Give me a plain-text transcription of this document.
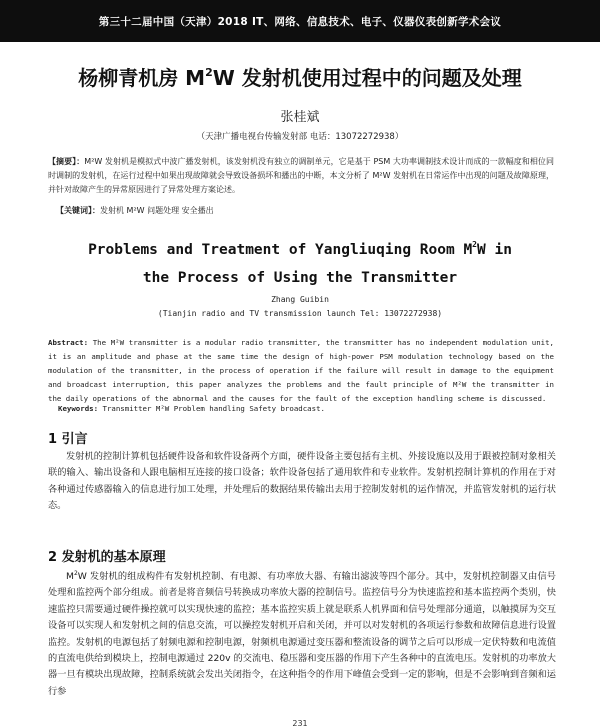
第三十二届中国（天津）2018 IT、网络、信息技术、电子、仪器仪表创新学术会议
杨柳青机房 $M^2W$ 发射机使用过程中的问题及处理
张桂斌
（天津广播电视台传输发射部 电话：13072272938）
【摘要】：M²W 发射机是模拟式中波广播发射机，该发射机没有独立的调制单元，它是基于 PSM 大功率调制技术设计而成的一款幅度和相位同时调制的发射机，在运行过程中如果出现故障就会导致设备损坏和播出的中断，本文分析了 M²W 发射机在日常运作中出现的问题及故障原理，并针对故障产生的异常原因进行了异常处理方案论述。
【关键词】：发射机 M²W 问题处理 安全播出
Problems and Treatment of Yangliuqing Room $M^2W$ in
the Process of Using the Transmitter
Zhang Guibin
(Tianjin radio and TV transmission launch Tel: 13072272938)
Abstract: The M²W transmitter is a modular radio transmitter, the transmitter has no independent modulation unit, it is an amplitude and phase at the same time the design of high-power PSM modulation technology based on the modulation of the transmitter, in the process of operation if the failure will result in damage to the equipment and broadcast interruption, this paper analyzes the problems and the fault principle of M²W the transmitter in the daily operations of the abnormal and the causes for the fault of the exception handling scheme is discussed.
Keywords: Transmitter M²W Problem handling Safety broadcast.
1 引言
发射机的控制计算机包括硬件设备和软件设备两个方面，硬件设备主要包括有主机、外接设施以及用于跟被控制对象相关联的输入、输出设备和人跟电脑相互连接的接口设备；软件设备包括了通用软件和专业软件。发射机控制计算机的作用在于对各种通过传感器输入的信息进行加工处理，并处理后的数据结果传输出去用于控制发射机的运作情况，并监管发射机的运行状态。
2 发射机的基本原理
$M^2W$ 发射机的组成构件有发射机控制、有电源、有功率放大器、有输出滤波等四个部分。其中，发射机控制器又由信号处理和监控两个部分组成。前者是将音频信号转换成功率放大器的控制信号。监控信号分为快速监控和基本监控两个类别，快速监控只需要通过硬件操控就可以实现快速的监控；基本监控实质上就是联系人机界面和信号处理部分通道，以触摸屏为交互设备可以实现人和发射机之间的信息交流，可以操控发射机开启和关闭，并可以对发射机的各项运行参数和故障信息进行设置监控。发射机的电源包括了射频电源和控制电源，射频机电源通过变压器和整流设备的调节之后可以形成一定伏特数和电流值的直流电供给到模块上，控制电源通过 220v 的交流电、稳压器和变压器的作用下产生各种中的直流电压。发射机的功率放大器一旦有模块出现故障，控制系统就会发出关闭指令，在这种指令的作用下峰值会受到一定的影响，但是不会影响到音频和运行参
231
